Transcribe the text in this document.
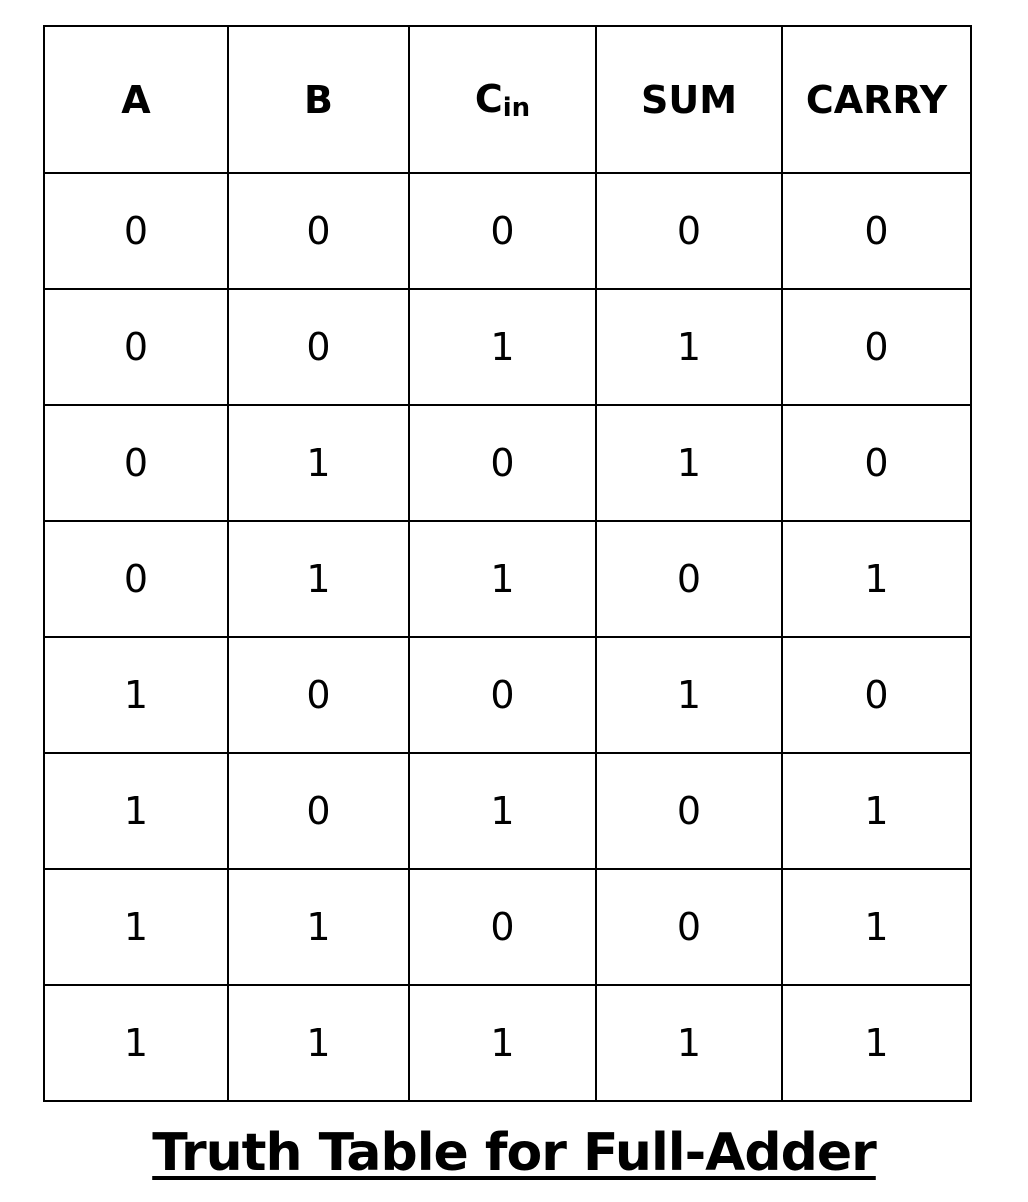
A	B	Cin	SUM	CARRY
0	0	0	0	0
0	0	1	1	0
0	1	0	1	0
0	1	1	0	1
1	0	0	1	0
1	0	1	0	1
1	1	0	0	1
1	1	1	1	1
Truth Table for Full-Adder
